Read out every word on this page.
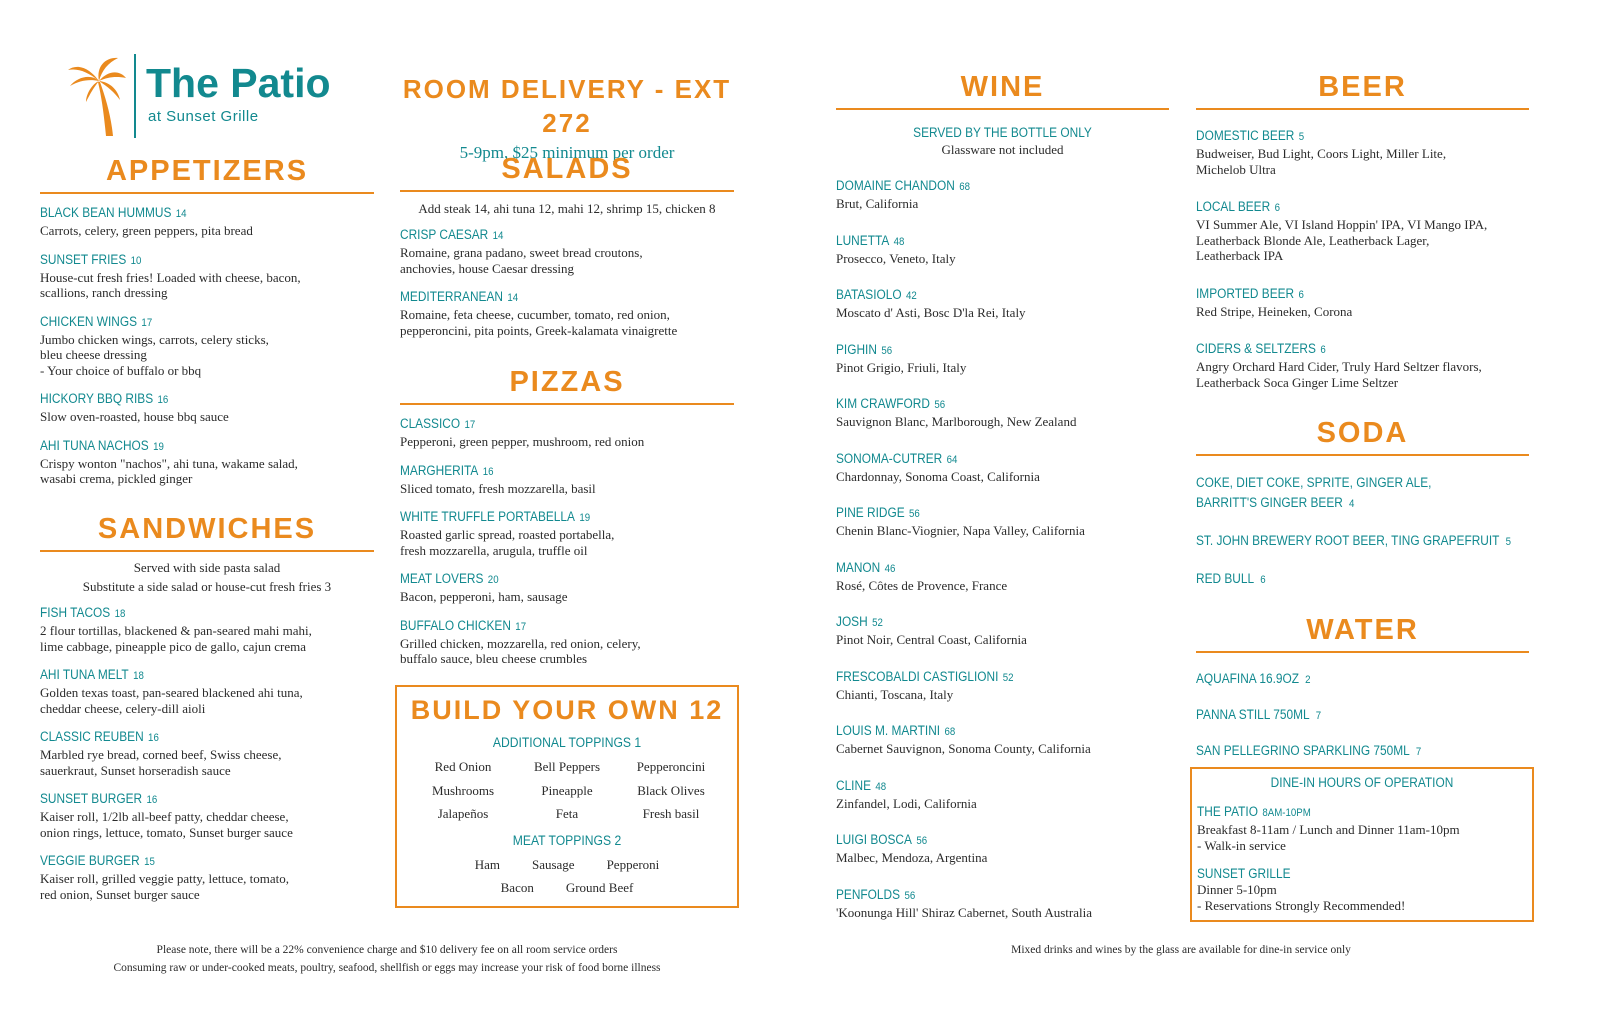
The Patio
at Sunset Grille
APPETIZERS
BLACK BEAN HUMMUS 14
Carrots, celery, green peppers, pita bread
SUNSET FRIES 10
House-cut fresh fries! Loaded with cheese, bacon,
scallions, ranch dressing
CHICKEN WINGS 17
Jumbo chicken wings, carrots, celery sticks,
bleu cheese dressing
- Your choice of buffalo or bbq
HICKORY BBQ RIBS 16
Slow oven-roasted, house bbq sauce
AHI TUNA NACHOS 19
Crispy wonton "nachos", ahi tuna, wakame salad,
wasabi crema, pickled ginger
SANDWICHES
Served with side pasta salad
Substitute a side salad or house-cut fresh fries 3
FISH TACOS 18
2 flour tortillas, blackened & pan-seared mahi mahi,
lime cabbage, pineapple pico de gallo, cajun crema
AHI TUNA MELT 18
Golden texas toast, pan-seared blackened ahi tuna,
cheddar cheese, celery-dill aioli
CLASSIC REUBEN 16
Marbled rye bread, corned beef, Swiss cheese,
sauerkraut, Sunset horseradish sauce
SUNSET BURGER 16
Kaiser roll, 1/2lb all-beef patty, cheddar cheese,
onion rings, lettuce, tomato, Sunset burger sauce
VEGGIE BURGER 15
Kaiser roll, grilled veggie patty, lettuce, tomato,
red onion, Sunset burger sauce
ROOM DELIVERY - EXT 272
5-9pm, $25 minimum per order
SALADS
Add steak 14, ahi tuna 12, mahi 12, shrimp 15, chicken 8
CRISP CAESAR 14
Romaine, grana padano, sweet bread croutons,
anchovies, house Caesar dressing
MEDITERRANEAN 14
Romaine, feta cheese, cucumber, tomato, red onion,
pepperoncini, pita points, Greek-kalamata vinaigrette
PIZZAS
CLASSICO 17
Pepperoni, green pepper, mushroom, red onion
MARGHERITA 16
Sliced tomato, fresh mozzarella, basil
WHITE TRUFFLE PORTABELLA 19
Roasted garlic spread, roasted portabella,
fresh mozzarella, arugula, truffle oil
MEAT LOVERS 20
Bacon, pepperoni, ham, sausage
BUFFALO CHICKEN 17
Grilled chicken, mozzarella, red onion, celery,
buffalo sauce, bleu cheese crumbles
BUILD YOUR OWN 12
ADDITIONAL TOPPINGS 1
Red Onion	Bell Peppers	Pepperoncini
Mushrooms	Pineapple	Black Olives
Jalapeños	Feta	Fresh basil
MEAT TOPPINGS 2
Ham Sausage Pepperoni
Bacon Ground Beef
WINE
SERVED BY THE BOTTLE ONLY
Glassware not included
DOMAINE CHANDON 68
Brut, California
LUNETTA 48
Prosecco, Veneto, Italy
BATASIOLO 42
Moscato d' Asti, Bosc D'la Rei, Italy
PIGHIN 56
Pinot Grigio, Friuli, Italy
KIM CRAWFORD 56
Sauvignon Blanc, Marlborough, New Zealand
SONOMA-CUTRER 64
Chardonnay, Sonoma Coast, California
PINE RIDGE 56
Chenin Blanc-Viognier, Napa Valley, California
MANON 46
Rosé, Côtes de Provence, France
JOSH 52
Pinot Noir, Central Coast, California
FRESCOBALDI CASTIGLIONI 52
Chianti, Toscana, Italy
LOUIS M. MARTINI 68
Cabernet Sauvignon, Sonoma County, California
CLINE 48
Zinfandel, Lodi, California
LUIGI BOSCA 56
Malbec, Mendoza, Argentina
PENFOLDS 56
'Koonunga Hill' Shiraz Cabernet, South Australia
BEER
DOMESTIC BEER 5
Budweiser, Bud Light, Coors Light, Miller Lite,
Michelob Ultra
LOCAL BEER 6
VI Summer Ale, VI Island Hoppin' IPA, VI Mango IPA,
Leatherback Blonde Ale, Leatherback Lager,
Leatherback IPA
IMPORTED BEER 6
Red Stripe, Heineken, Corona
CIDERS & SELTZERS 6
Angry Orchard Hard Cider, Truly Hard Seltzer flavors,
Leatherback Soca Ginger Lime Seltzer
SODA
COKE, DIET COKE, SPRITE, GINGER ALE,
BARRITT'S GINGER BEER 4
ST. JOHN BREWERY ROOT BEER, TING GRAPEFRUIT 5
RED BULL 6
WATER
AQUAFINA 16.9OZ 2
PANNA STILL 750ML 7
SAN PELLEGRINO SPARKLING 750ML 7
DINE-IN HOURS OF OPERATION
THE PATIO 8AM-10PM
Breakfast 8-11am / Lunch and Dinner 11am-10pm
- Walk-in service
SUNSET GRILLE
Dinner 5-10pm
- Reservations Strongly Recommended!
Please note, there will be a 22% convenience charge and $10 delivery fee on all room service orders
Consuming raw or under-cooked meats, poultry, seafood, shellfish or eggs may increase your risk of food borne illness
Mixed drinks and wines by the glass are available for dine-in service only
